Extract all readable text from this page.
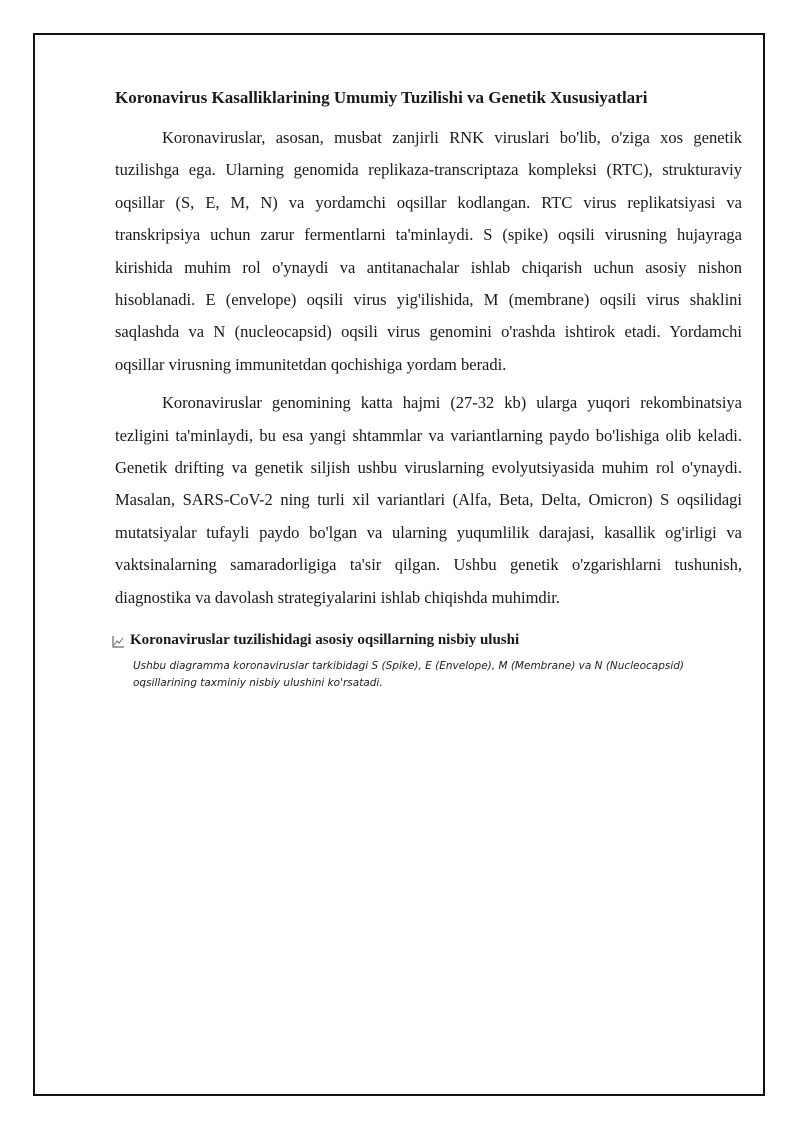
Koronavirus Kasalliklarining Umumiy Tuzilishi va Genetik Xususiyatlari

Koronaviruslar, asosan, musbat zanjirli RNK viruslari bo'lib, o'ziga xos genetik tuzilishga ega. Ularning genomida replikaza-transcriptaza kompleksi (RTC), strukturaviy oqsillar (S, E, M, N) va yordamchi oqsillar kodlangan. RTC virus replikatsiyasi va transkripsiya uchun zarur fermentlarni ta'minlaydi. S (spike) oqsili virusning hujayraga kirishida muhim rol o'ynaydi va antitanachalar ishlab chiqarish uchun asosiy nishon hisoblanadi. E (envelope) oqsili virus yig'ilishida, M (membrane) oqsili virus shaklini saqlashda va N (nucleocapsid) oqsili virus genomini o'rashda ishtirok etadi. Yordamchi oqsillar virusning immunitetdan qochishiga yordam beradi.

Koronaviruslar genomining katta hajmi (27-32 kb) ularga yuqori rekombinatsiya tezligini ta'minlaydi, bu esa yangi shtammlar va variantlarning paydo bo'lishiga olib keladi. Genetik drifting va genetik siljish ushbu viruslarning evolyutsiyasida muhim rol o'ynaydi. Masalan, SARS-CoV-2 ning turli xil variantlari (Alfa, Beta, Delta, Omicron) S oqsilidagi mutatsiyalar tufayli paydo bo'lgan va ularning yuqumlilik darajasi, kasallik og'irligi va vaktsinalarning samaradorligiga ta'sir qilgan. Ushbu genetik o'zgarishlarni tushunish, diagnostika va davolash strategiyalarini ishlab chiqishda muhimdir.

Koronaviruslar tuzilishidagi asosiy oqsillarning nisbiy ulushi
Ushbu diagramma koronaviruslar tarkibidagi S (Spike), E (Envelope), M (Membrane) va N (Nucleocapsid) oqsillarining taxminiy nisbiy ulushini ko'rsatadi.
